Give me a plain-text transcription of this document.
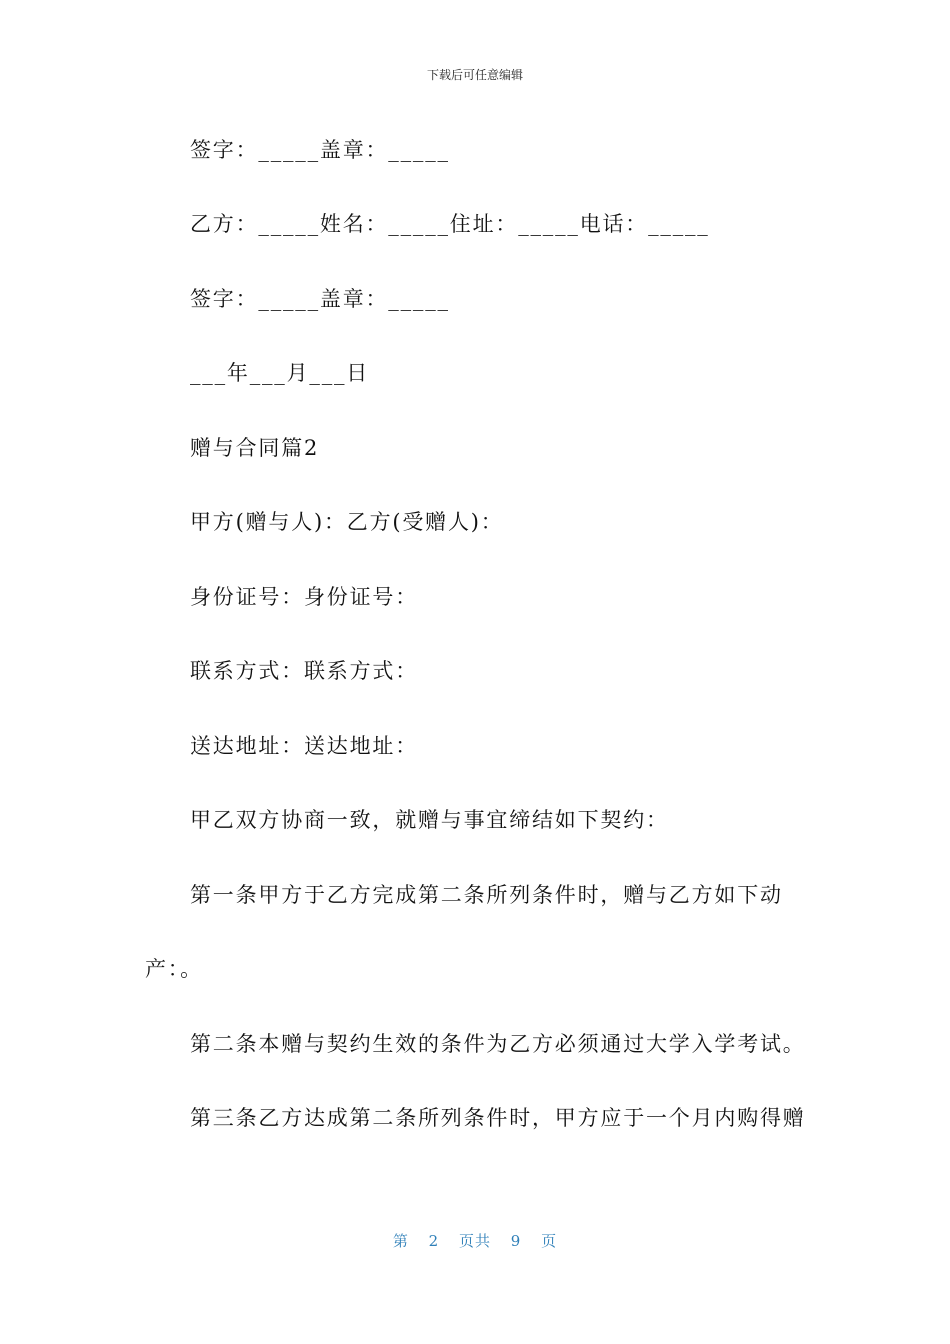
下载后可任意编辑
签字：_____盖章：_____
乙方：_____姓名：_____住址：_____电话：_____
签字：_____盖章：_____
___年___月___日
赠与合同篇2
甲方(赠与人)：乙方(受赠人)：
身份证号：身份证号：
联系方式：联系方式：
送达地址：送达地址：
甲乙双方协商一致，就赠与事宜缔结如下契约：
第一条甲方于乙方完成第二条所列条件时，赠与乙方如下动
产：。
第二条本赠与契约生效的条件为乙方必须通过大学入学考试。
第三条乙方达成第二条所列条件时，甲方应于一个月内购得赠
第 2 页共 9 页
